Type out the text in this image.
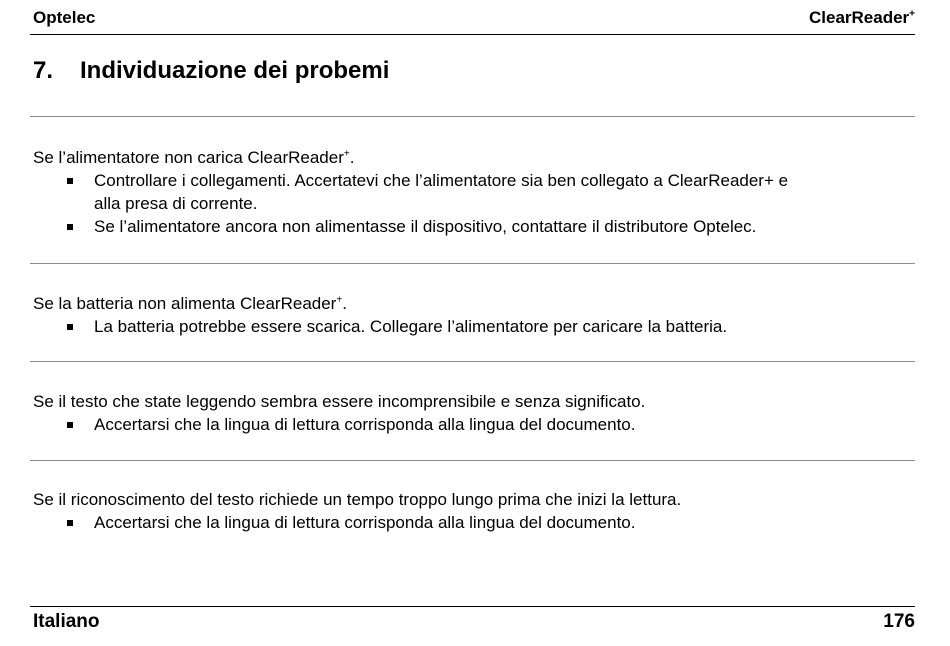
Optelec	ClearReader+
7. Individuazione dei probemi
Se l’alimentatore non carica ClearReader+.
Controllare i collegamenti. Accertatevi che l’alimentatore sia ben collegato a ClearReader+ e alla presa di corrente.
Se l’alimentatore ancora non alimentasse il dispositivo, contattare il distributore Optelec.
Se la batteria non alimenta ClearReader+.
La batteria potrebbe essere scarica. Collegare l’alimentatore per caricare la batteria.
Se il testo che state leggendo sembra essere incomprensibile e senza significato.
Accertarsi che la lingua di lettura corrisponda alla lingua del documento.
Se il riconoscimento del testo richiede un tempo troppo lungo prima che inizi la lettura.
Accertarsi che la lingua di lettura corrisponda alla lingua del documento.
Italiano	176
